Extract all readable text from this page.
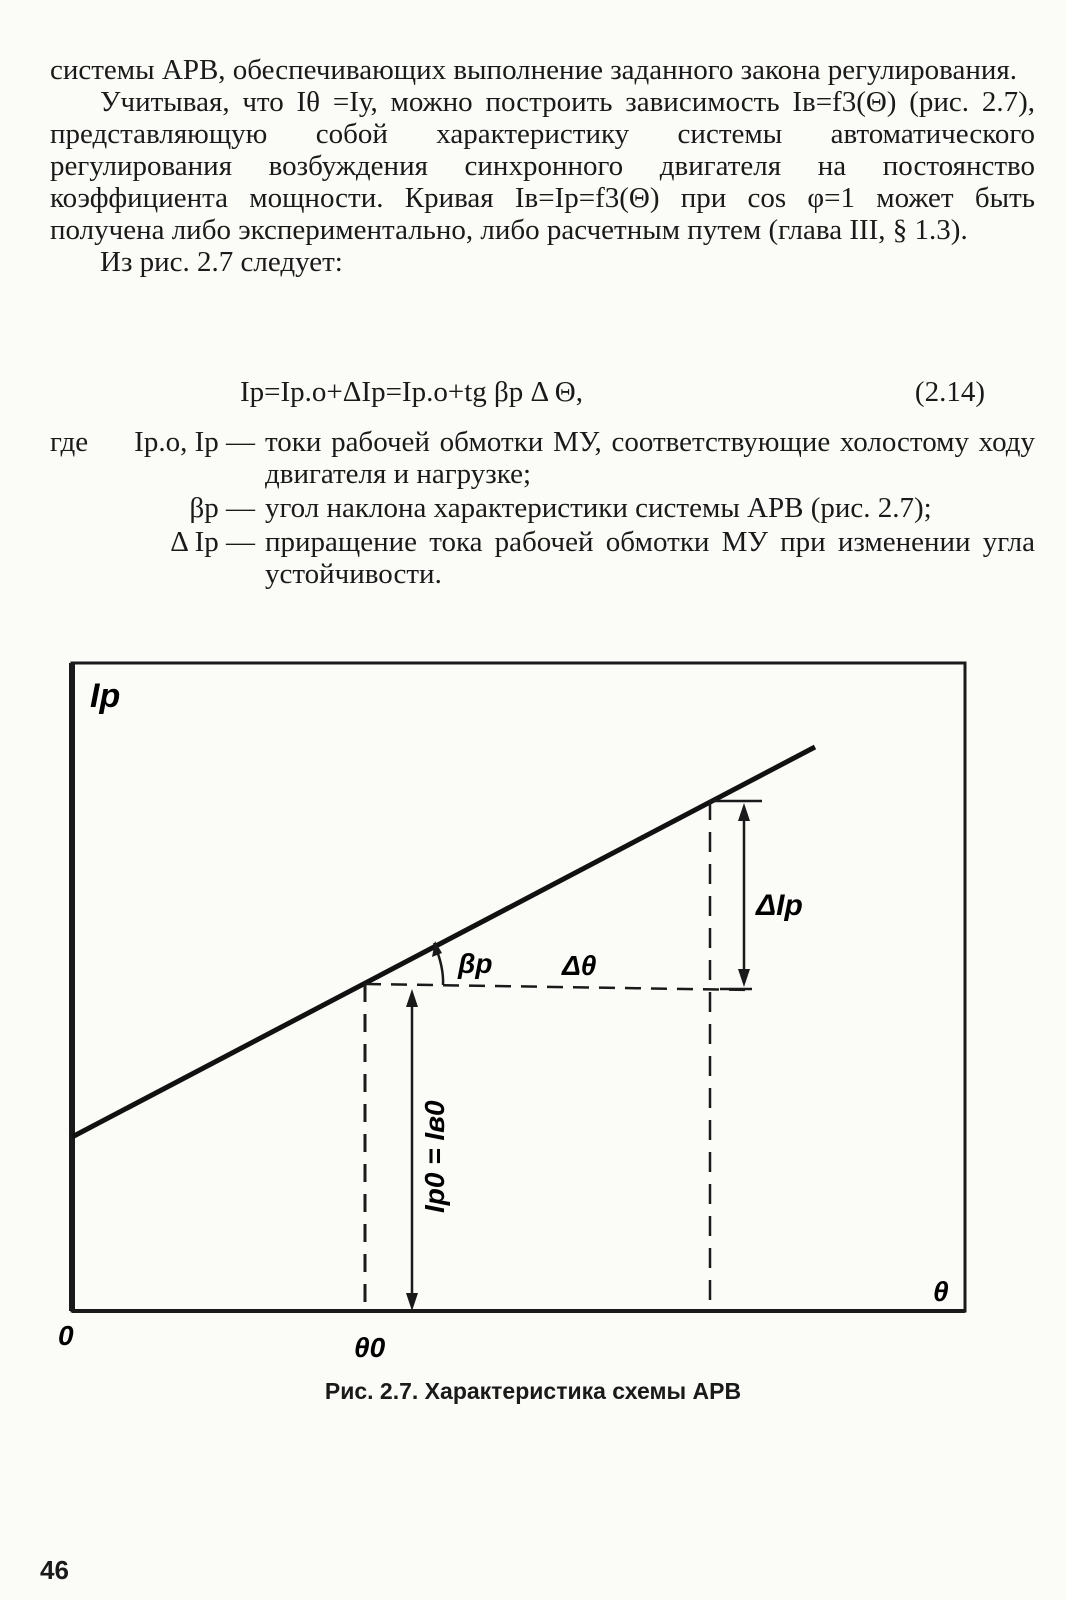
системы АРВ, обеспечивающих выполнение заданного закона регулирования.

Учитывая, что Iθ =Iу, можно построить зависимость Iв=f3(Θ) (рис. 2.7), представляющую собой характеристику системы автоматического регулирования возбуждения синхронного двигателя на постоянство коэффициента мощности. Кривая Iв=Iр=f3(Θ) при cos φ=1 может быть получена либо экспериментально, либо расчетным путем (глава III, § 1.3).

Из рис. 2.7 следует:

Iр=Iр.о+ΔIр=Iр.о+tg βр Δ Θ,	(2.14)
где	Iр.о, Iр — токи рабочей обмотки МУ, соответствующие холостому ходу двигателя и нагрузке;
βр — угол наклона характеристики системы АРВ (рис. 2.7);
Δ Iр — приращение тока рабочей обмотки МУ при изменении угла устойчивости.
Iр
θ
0	θ0
βр Δθ
ΔIр
Iр0 = Iв0
Рис. 2.7. Характеристика схемы АРВ
46
